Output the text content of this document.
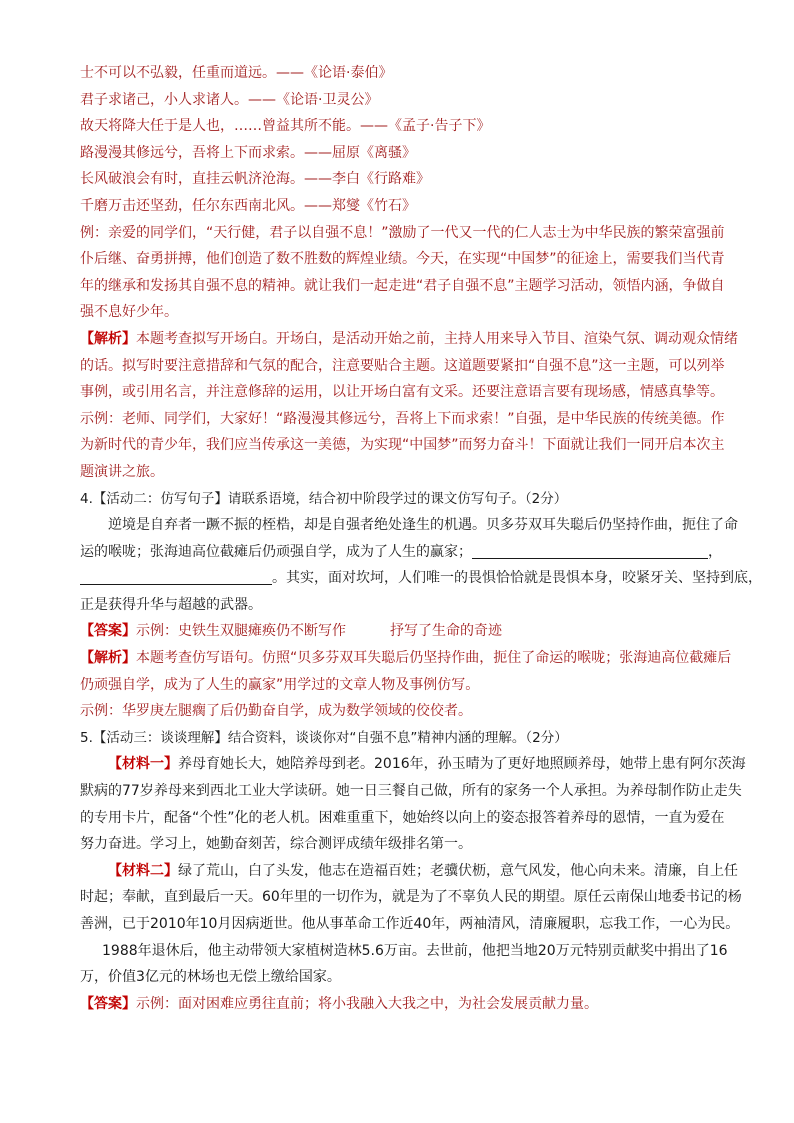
士不可以不弘毅，任重而道远。——《论语·泰伯》

君子求诸己，小人求诸人。——《论语·卫灵公》

故天将降大任于是人也，……曾益其所不能。——《孟子·告子下》

路漫漫其修远兮，吾将上下而求索。——屈原《离骚》

长风破浪会有时，直挂云帆济沧海。——李白《行路难》

千磨万击还坚劲，任尔东西南北风。——郑燮《竹石》

例：亲爱的同学们，“天行健，君子以自强不息！”激励了一代又一代的仁人志士为中华民族的繁荣富强前

仆后继、奋勇拼搏，他们创造了数不胜数的辉煌业绩。今天，在实现“中国梦”的征途上，需要我们当代青

年的继承和发扬其自强不息的精神。就让我们一起走进“君子自强不息”主题学习活动，领悟内涵，争做自

强不息好少年。

【解析】本题考查拟写开场白。开场白，是活动开始之前，主持人用来导入节目、渲染气氛、调动观众情绪

的话。拟写时要注意措辞和气氛的配合，注意要贴合主题。这道题要紧扣“自强不息”这一主题，可以列举

事例，或引用名言，并注意修辞的运用，以让开场白富有文采。还要注意语言要有现场感，情感真挚等。

示例：老师、同学们，大家好！“路漫漫其修远兮，吾将上下而求索！”自强，是中华民族的传统美德。作

为新时代的青少年，我们应当传承这一美德，为实现“中国梦”而努力奋斗！下面就让我们一同开启本次主

题演讲之旅。

4.【活动二：仿写句子】请联系语境，结合初中阶段学过的课文仿写句子。（2分）

逆境是自弃者一蹶不振的桎梏，却是自强者绝处逢生的机遇。贝多芬双耳失聪后仍坚持作曲，扼住了命

运的喉咙；张海迪高位截瘫后仍顽强自学，成为了人生的赢家；	，

。其实，面对坎坷，人们唯一的畏惧恰恰就是畏惧本身，咬紧牙关、坚持到底，

正是获得升华与超越的武器。

【答案】示例：史铁生双腿瘫痪仍不断写作	抒写了生命的奇迹

【解析】本题考查仿写语句。仿照“贝多芬双耳失聪后仍坚持作曲，扼住了命运的喉咙；张海迪高位截瘫后

仍顽强自学，成为了人生的赢家”用学过的文章人物及事例仿写。

示例：华罗庚左腿瘸了后仍勤奋自学，成为数学领域的佼佼者。

5.【活动三：谈谈理解】结合资料，谈谈你对“自强不息”精神内涵的理解。（2分）

【材料一】养母育她长大，她陪养母到老。2016年，孙玉晴为了更好地照顾养母，她带上患有阿尔茨海

默病的77岁养母来到西北工业大学读研。她一日三餐自己做，所有的家务一个人承担。为养母制作防止走失

的专用卡片，配备“个性”化的老人机。困难重重下，她始终以向上的姿态报答着养母的恩情，一直为爱在

努力奋进。学习上，她勤奋刻苦，综合测评成绩年级排名第一。

【材料二】绿了荒山，白了头发，他志在造福百姓；老骥伏枥，意气风发，他心向未来。清廉，自上任

时起；奉献，直到最后一天。60年里的一切作为，就是为了不辜负人民的期望。原任云南保山地委书记的杨

善洲，已于2010年10月因病逝世。他从事革命工作近40年，两袖清风，清廉履职，忘我工作，一心为民。

1988年退休后，他主动带领大家植树造林5.6万亩。去世前，他把当地20万元特别贡献奖中捐出了16

万，价值3亿元的林场也无偿上缴给国家。

【答案】示例：面对困难应勇往直前；将小我融入大我之中，为社会发展贡献力量。
